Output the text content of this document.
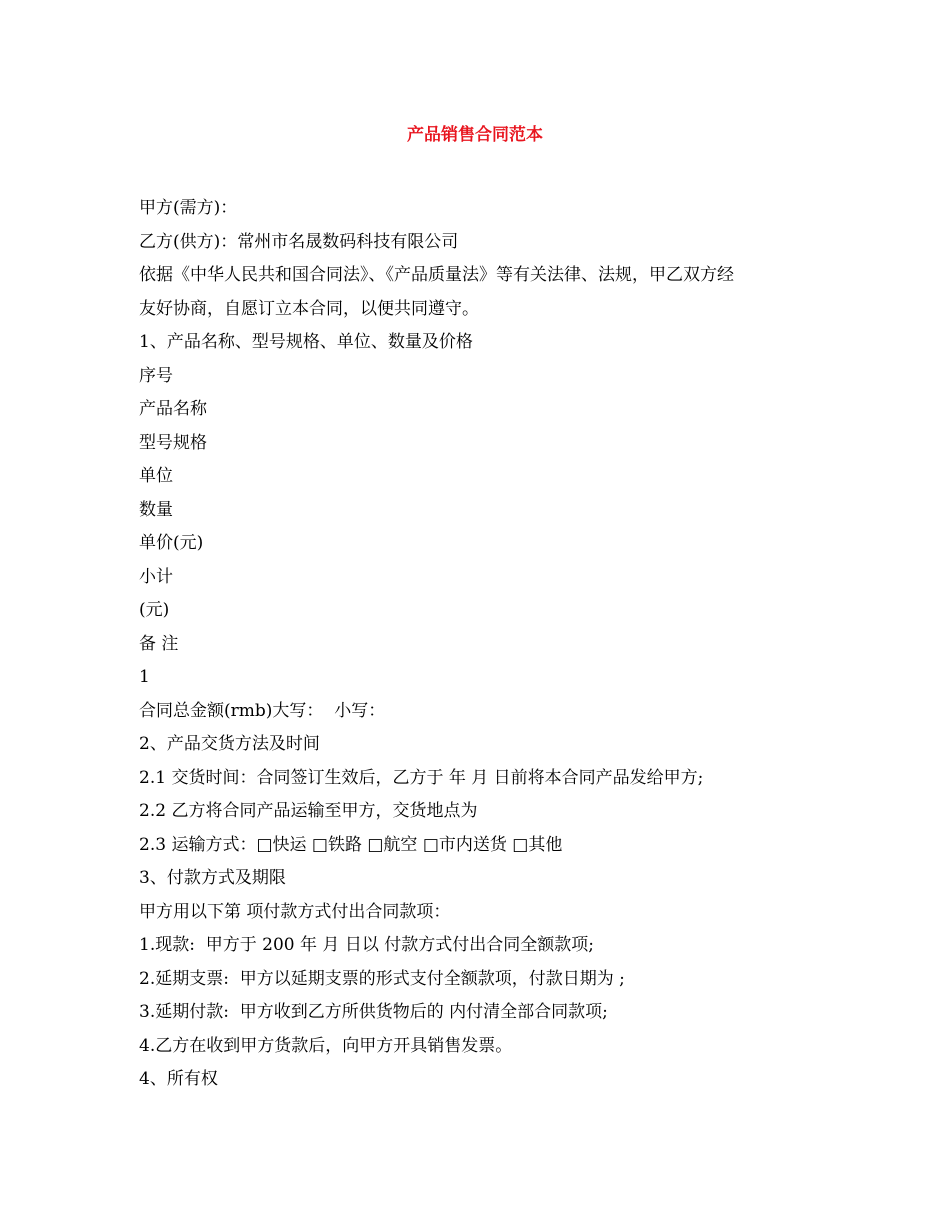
产品销售合同范本
甲方(需方)：
乙方(供方)：常州市名晟数码科技有限公司
依据《中华人民共和国合同法》、《产品质量法》等有关法律、法规，甲乙双方经
友好协商，自愿订立本合同，以便共同遵守。
1、产品名称、型号规格、单位、数量及价格
序号
产品名称
型号规格
单位
数量
单价(元)
小计
(元)
备 注
1
合同总金额(rmb)大写：  小写：
2、产品交货方法及时间
2.1 交货时间：合同签订生效后，乙方于 年 月 日前将本合同产品发给甲方;
2.2 乙方将合同产品运输至甲方，交货地点为
2.3 运输方式：□快运 □铁路 □航空 □市内送货 □其他
3、付款方式及期限
甲方用以下第 项付款方式付出合同款项：
1.现款:  甲方于 200 年 月 日以 付款方式付出合同全额款项;
2.延期支票:  甲方以延期支票的形式支付全额款项，付款日期为 ;
3.延期付款:  甲方收到乙方所供货物后的 内付清全部合同款项;
4.乙方在收到甲方货款后，向甲方开具销售发票。
4、所有权
